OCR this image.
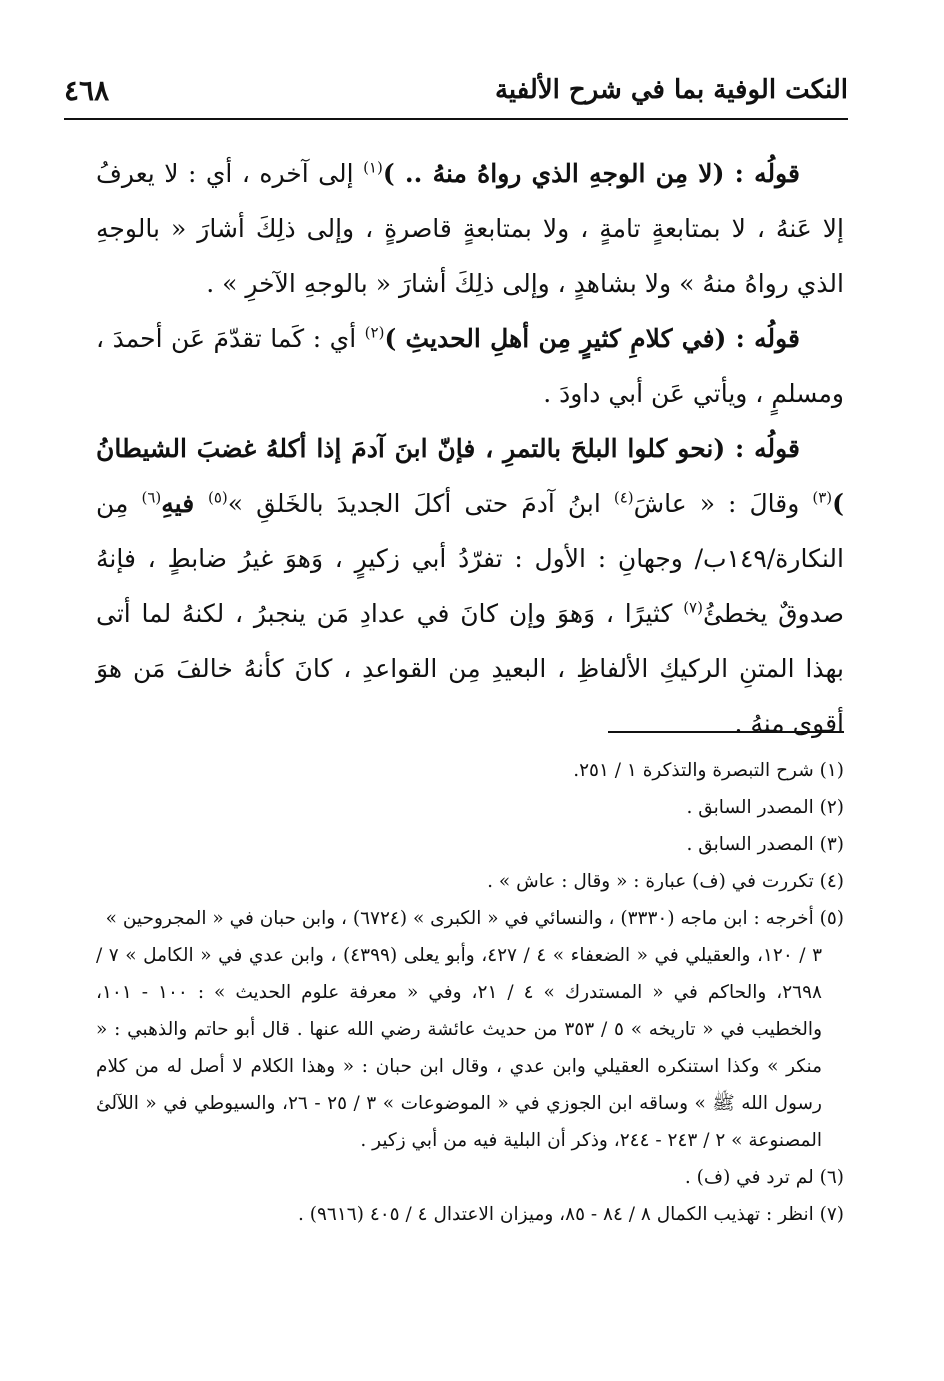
النكت الوفية بما في شرح الألفية
٤٦٨

قولُه : (لا مِن الوجهِ الذي رواهُ منهُ .. )$^{(١)}$ إلى آخره ، أي : لا يعرفُ إلا عَنهُ ، لا بمتابعةٍ تامةٍ ، ولا بمتابعةٍ قاصرةٍ ، وإلى ذلِكَ أشارَ « بالوجهِ الذي رواهُ منهُ » ولا بشاهدٍ ، وإلى ذلِكَ أشارَ « بالوجهِ الآخرِ » .

قولُه : (في كلامِ كثيرٍ مِن أهلِ الحديثِ )$^{(٢)}$ أي : كَما تقدّمَ عَن أحمدَ ، ومسلمٍ ، ويأتي عَن أبي داودَ .

قولُه : (نحو كلوا البلحَ بالتمرِ ، فإنّ ابنَ آدمَ إذا أكلهُ غضبَ الشيطانُ )$^{(٣)}$ وقالَ : « عاشَ$^{(٤)}$ ابنُ آدمَ حتى أكلَ الجديدَ بالخَلقِ »$^{(٥)}$ فيهِ$^{(٦)}$ مِن النكارة/١٤٩ب/ وجهانِ : الأول : تفرّدُ أبي زكيرٍ ، وَهوَ غيرُ ضابطٍ ، فإنهُ صدوقٌ يخطئُ$^{(٧)}$ كثيرًا ، وَهوَ وإن كانَ في عدادِ مَن ينجبرُ ، لكنهُ لما أتى بهذا المتنِ الركيكِ الألفاظِ ، البعيدِ مِن القواعدِ ، كانَ كأنهُ خالفَ مَن هوَ أقوى منهُ .

(١) شرح التبصرة والتذكرة ١ / ٢٥١.

(٢) المصدر السابق .

(٣) المصدر السابق .

(٤) تكررت في (ف) عبارة : « وقال : عاش » .

(٥) أخرجه : ابن ماجه (٣٣٣٠) ، والنسائي في « الكبرى » (٦٧٢٤) ، وابن حبان في « المجروحين »

٣ / ١٢٠، والعقيلي في « الضعفاء » ٤ / ٤٢٧، وأبو يعلى (٤٣٩٩) ، وابن عدي في « الكامل » ٧ / ٢٦٩٨، والحاكم في « المستدرك » ٤ / ٢١، وفي « معرفة علوم الحديث » : ١٠٠ - ١٠١، والخطيب في « تاريخه » ٥ / ٣٥٣ من حديث عائشة رضي الله عنها . قال أبو حاتم والذهبي : « منكر » وكذا استنكره العقيلي وابن عدي ، وقال ابن حبان : « وهذا الكلام لا أصل له من كلام رسول الله ﷺ » وساقه ابن الجوزي في « الموضوعات » ٣ / ٢٥ - ٢٦، والسيوطي في « اللآلئ المصنوعة » ٢ / ٢٤٣ - ٢٤٤، وذكر أن البلية فيه من أبي زكير .

(٦) لم ترد في (ف) .

(٧) انظر : تهذيب الكمال ٨ / ٨٤ - ٨٥، وميزان الاعتدال ٤ / ٤٠٥ (٩٦١٦) .
